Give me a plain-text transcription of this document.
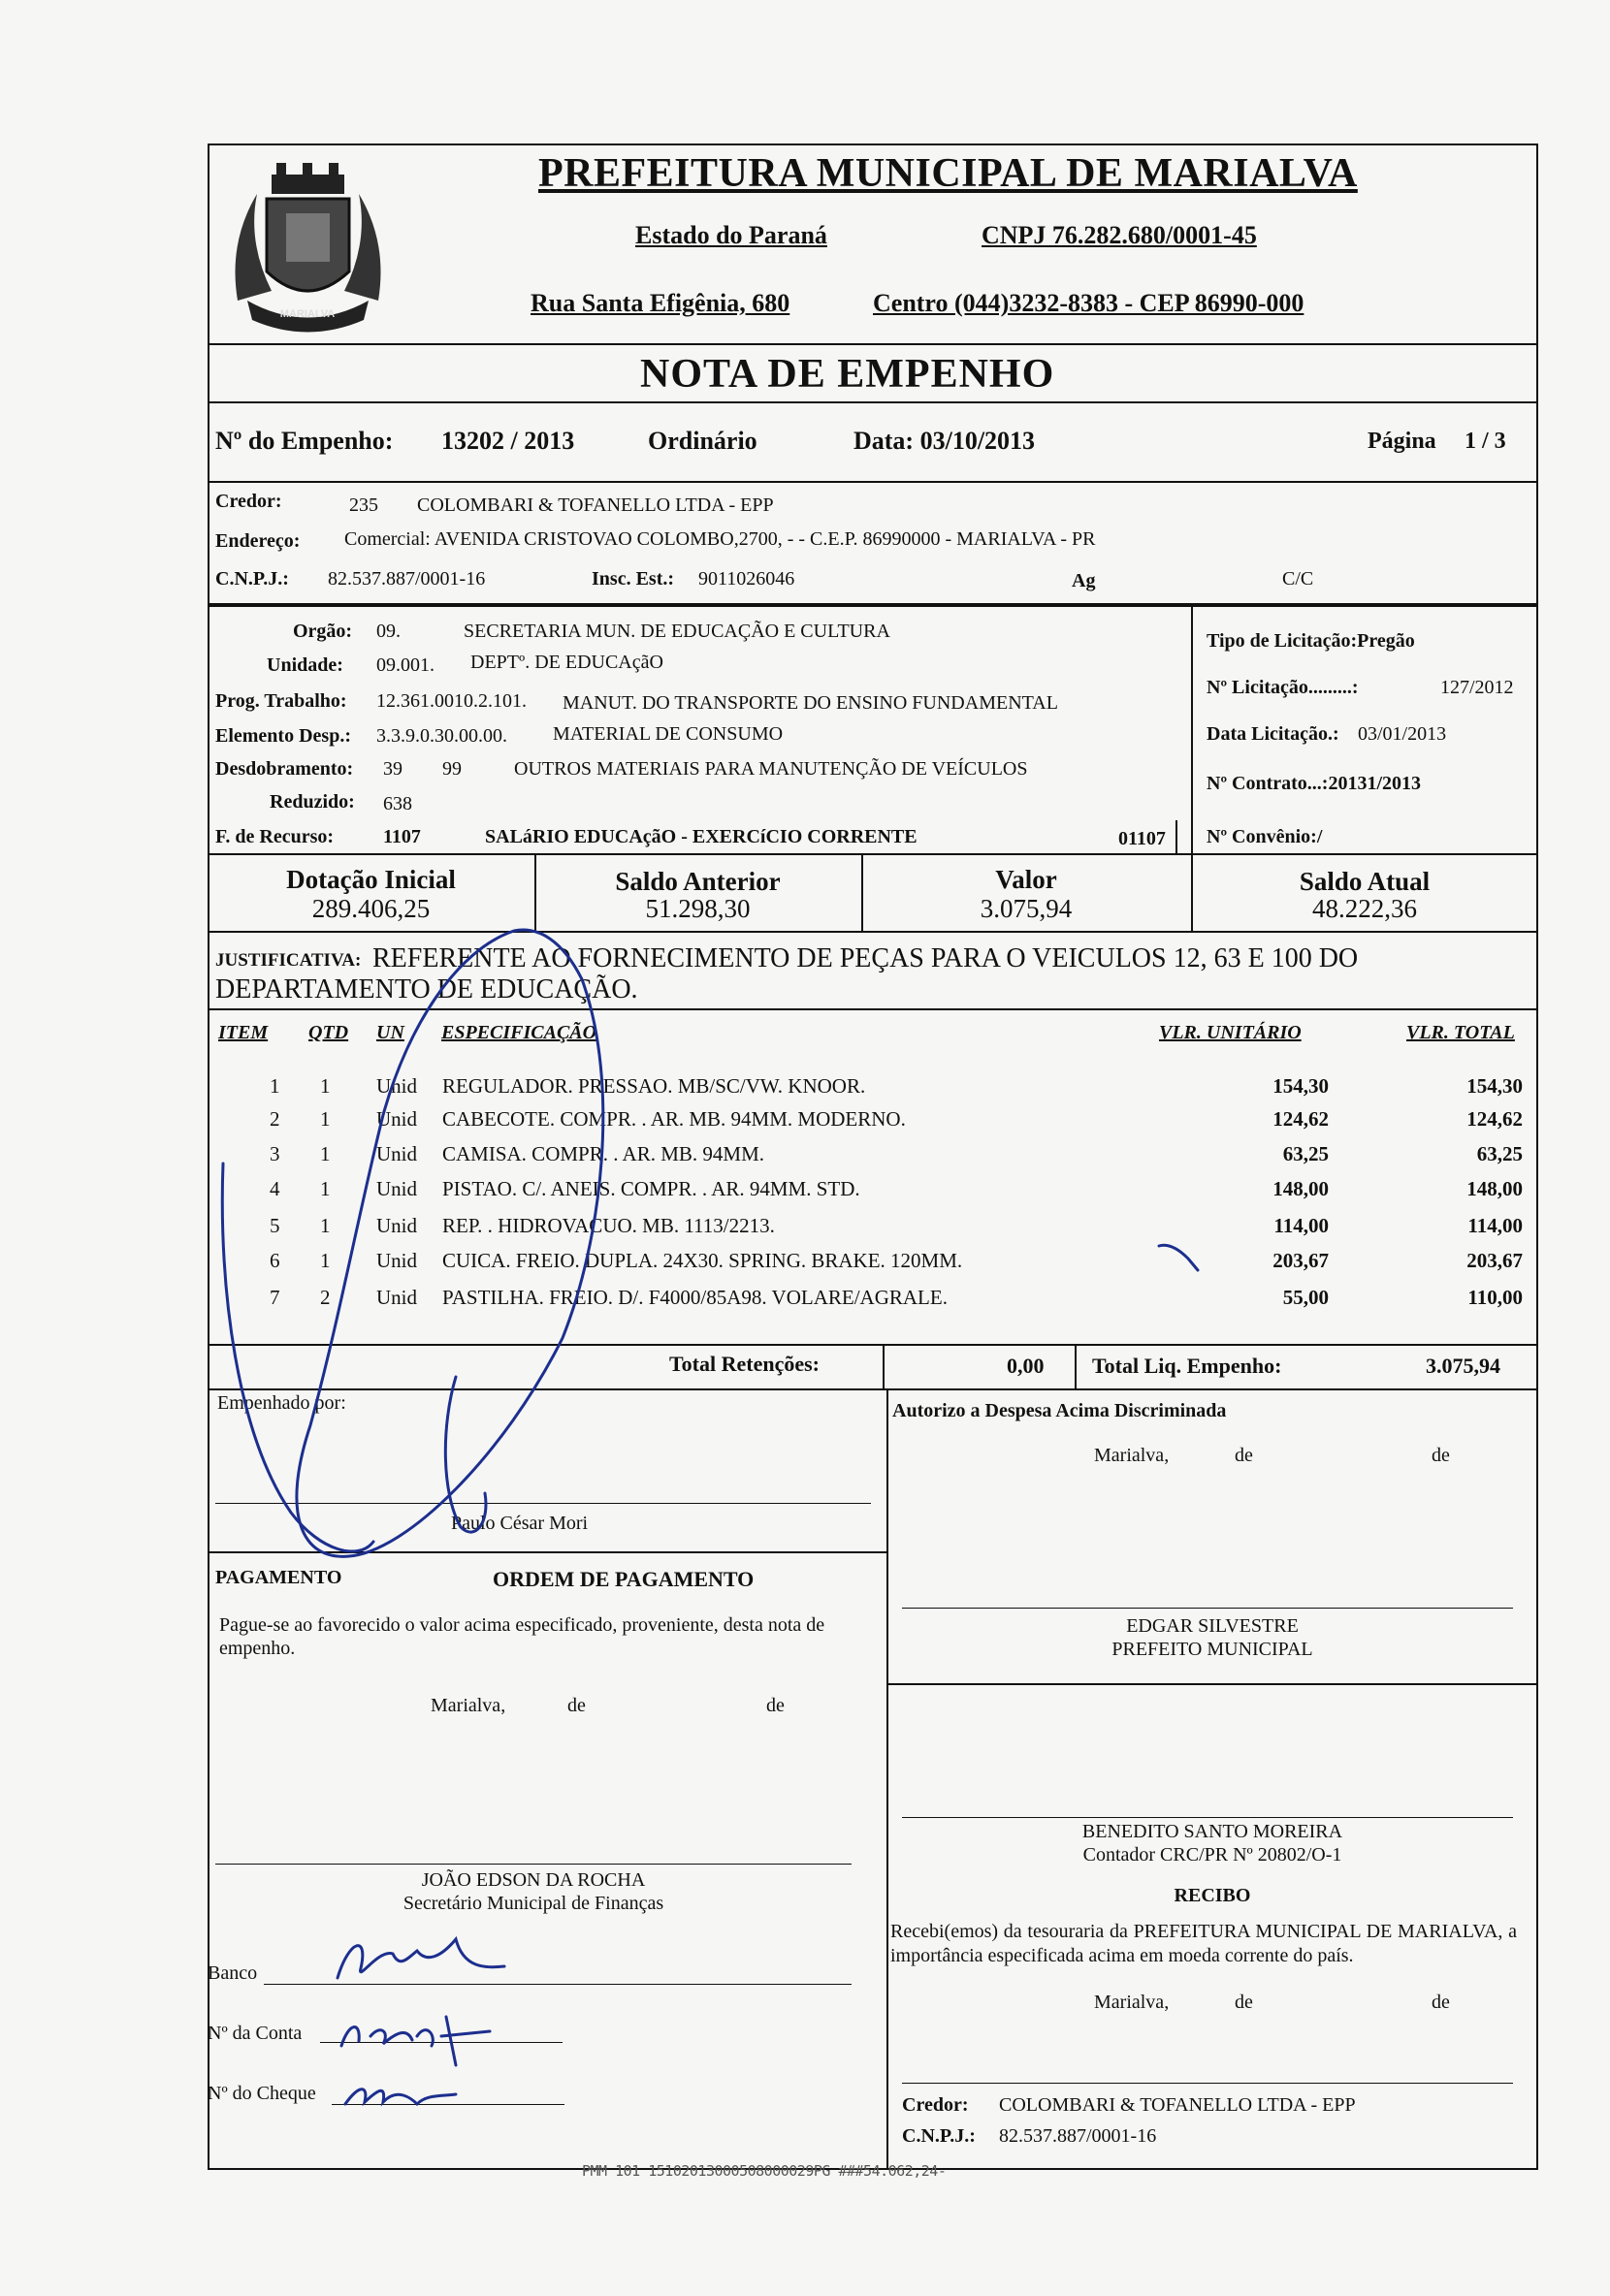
MARIALVA
PREFEITURA MUNICIPAL DE MARIALVA
Estado do Paraná	CNPJ 76.282.680/0001-45
Rua Santa Efigênia, 680	Centro (044)3232-8383 - CEP 86990-000
NOTA DE EMPENHO
Nº do Empenho: 13202 / 2013	Ordinário	Data: 03/10/2013	Página 1 / 3
Credor:	235 COLOMBARI & TOFANELLO LTDA - EPP
Endereço: Comercial: AVENIDA CRISTOVAO COLOMBO,2700, - - C.E.P. 86990000 - MARIALVA - PR
C.N.P.J.: 82.537.887/0001-16	Insc. Est.: 9011026046	Ag	C/C
Orgão: 09.	SECRETARIA MUN. DE EDUCAÇÃO E CULTURA
Unidade: 09.001. DEPTº. DE EDUCAçãO
Prog. Trabalho: 12.361.0010.2.101. MANUT. DO TRANSPORTE DO ENSINO FUNDAMENTAL
Elemento Desp.: 3.3.9.0.30.00.00. MATERIAL DE CONSUMO
Desdobramento: 39 99	OUTROS MATERIAIS PARA MANUTENÇÃO DE VEÍCULOS
Reduzido: 638
F. de Recurso:	1107	SALáRIO EDUCAçãO - EXERCíCIO CORRENTE	01107
Tipo de Licitação:Pregão
Nº Licitação.........:	127/2012
Data Licitação.: 03/01/2013
Nº Contrato...:20131/2013
Nº Convênio:/
Dotação Inicial
289.406,25
Saldo Anterior
51.298,30
Valor
3.075,94
Saldo Atual
48.222,36
JUSTIFICATIVA: REFERENTE AO FORNECIMENTO DE PEÇAS PARA O VEICULOS 12, 63 E 100 DO
DEPARTAMENTO DE EDUCAÇÃO.
ITEM QTD UN ESPECIFICAÇÃO	VLR. UNITÁRIO	VLR. TOTAL
1 1 Unid REGULADOR. PRESSAO. MB/SC/VW. KNOOR.	154,30	154,30
2 1 Unid CABECOTE. COMPR. . AR. MB. 94MM. MODERNO.	124,62	124,62
3 1 Unid CAMISA. COMPR. . AR. MB. 94MM.	63,25	63,25
4 1 Unid PISTAO. C/. ANEIS. COMPR. . AR. 94MM. STD.	148,00	148,00
5 1 Unid REP. . HIDROVACUO. MB. 1113/2213.	114,00	114,00
6 1 Unid CUICA. FREIO. DUPLA. 24X30. SPRING. BRAKE. 120MM.	203,67	203,67
7 2 Unid PASTILHA. FREIO. D/. F4000/85A98. VOLARE/AGRALE.	55,00	110,00
Total Retenções:	0,00 Total Liq. Empenho:	3.075,94
Empenhado por:
Paulo César Mori
Autorizo a Despesa Acima Discriminada
Marialva,	de	de
PAGAMENTO	ORDEM DE PAGAMENTO
Pague-se ao favorecido o valor acima especificado, proveniente, desta nota de empenho.
Marialva,	de	de
EDGAR SILVESTRE
PREFEITO MUNICIPAL
BENEDITO SANTO MOREIRA
Contador CRC/PR Nº 20802/O-1
JOÃO EDSON DA ROCHA
Secretário Municipal de Finanças	RECIBO
Recebi(emos) da tesouraria da PREFEITURA MUNICIPAL DE MARIALVA, a importância especificada acima em moeda corrente do país.
Marialva,	de	de
Banco
Nº da Conta
Nº do Cheque
Credor: COLOMBARI & TOFANELLO LTDA - EPP
C.N.P.J.: 82.537.887/0001-16
PMM 101 15102013000508000029PG ###54.062,24-
